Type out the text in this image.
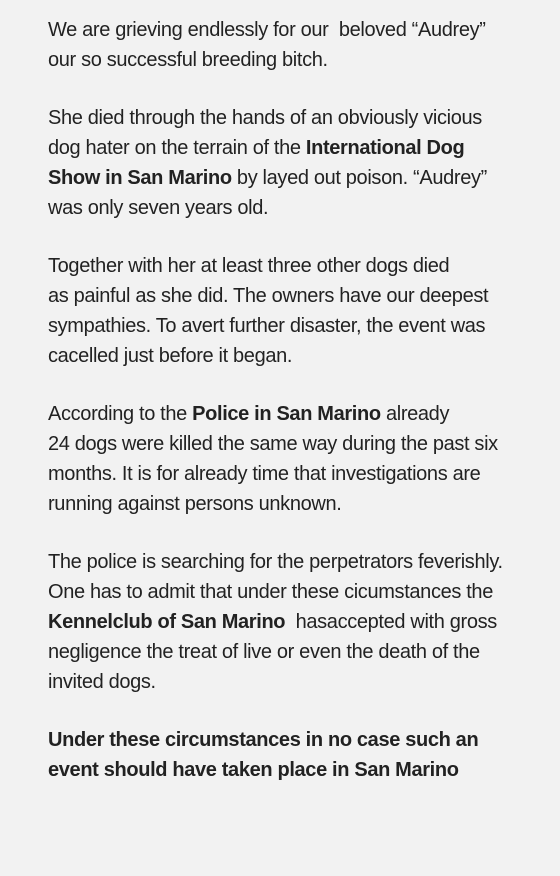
We are grieving endlessly for our  beloved “Audrey”
our so successful breeding bitch.

She died through the hands of an obviously vicious
dog hater on the terrain of the International Dog
Show in San Marino by layed out poison. “Audrey”
was only seven years old.

Together with her at least three other dogs died
as painful as she did. The owners have our deepest
sympathies. To avert further disaster, the event was
cacelled just before it began.

According to the Police in San Marino already
24 dogs were killed the same way during the past six
months. It is for already time that investigations are
running against persons unknown.

The police is searching for the perpetrators feverishly.
One has to admit that under these cicumstances the
Kennelclub of San Marino  hasaccepted with gross
negligence the treat of live or even the death of the
invited dogs.

Under these circumstances in no case such an
event should have taken place in San Marino
